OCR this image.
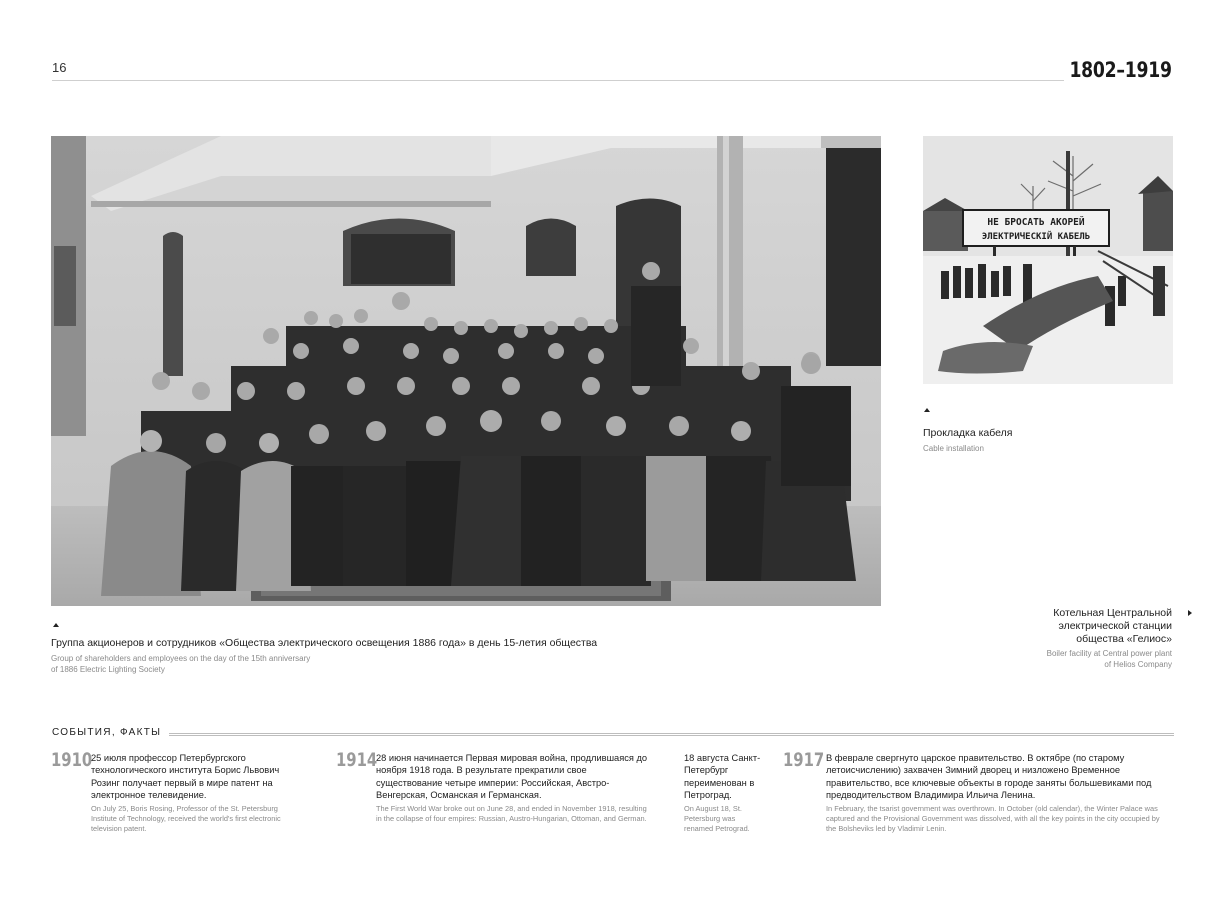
16	1802–1919
Группа акционеров и сотрудников «Общества электрического освещения 1886 года» в день 15-летия общества
Group of shareholders and employees on the day of the 15th anniversary
of 1886 Electric Lighting Society
НЕ БРОСАТЬ АКОРЕЙ
ЭЛЕКТРИЧЕСКІЙ КАБЕЛЬ
Прокладка кабеля
Cable installation
Котельная Центральной
электрической станции
общества «Гелиос»
Boiler facility at Central power plant
of Helios Company
СОБЫТИЯ, ФАКТЫ
1910
25 июля профессор Петербургского технологического института Борис Львович Розинг получает первый в мире патент на электронное телевидение.
On July 25, Boris Rosing, Professor of the St. Petersburg Institute of Technology, received the world's first electronic television patent.
1914
28 июня начинается Первая мировая война, продлившаяся до ноября 1918 года. В результате прекратили свое существование четыре империи: Российская, Австро-Венгерская, Османская и Германская.
The First World War broke out on June 28, and ended in November 1918, resulting in the collapse of four empires: Russian, Austro-Hungarian, Ottoman, and German.
18 августа Санкт-Петербург переименован в Петроград.
On August 18, St. Petersburg was renamed Petrograd.
1917 В феврале свергнуто царское правительство. В октябре (по старому летоисчислению) захвачен Зимний дворец и низложено Временное правительство, все ключевые объекты в городе заняты большевиками под предводительством Владимира Ильича Ленина.
In February, the tsarist government was overthrown. In October (old calendar), the Winter Palace was captured and the Provisional Government was dissolved, with all the key points in the city occupied by the Bolsheviks led by Vladimir Lenin.
